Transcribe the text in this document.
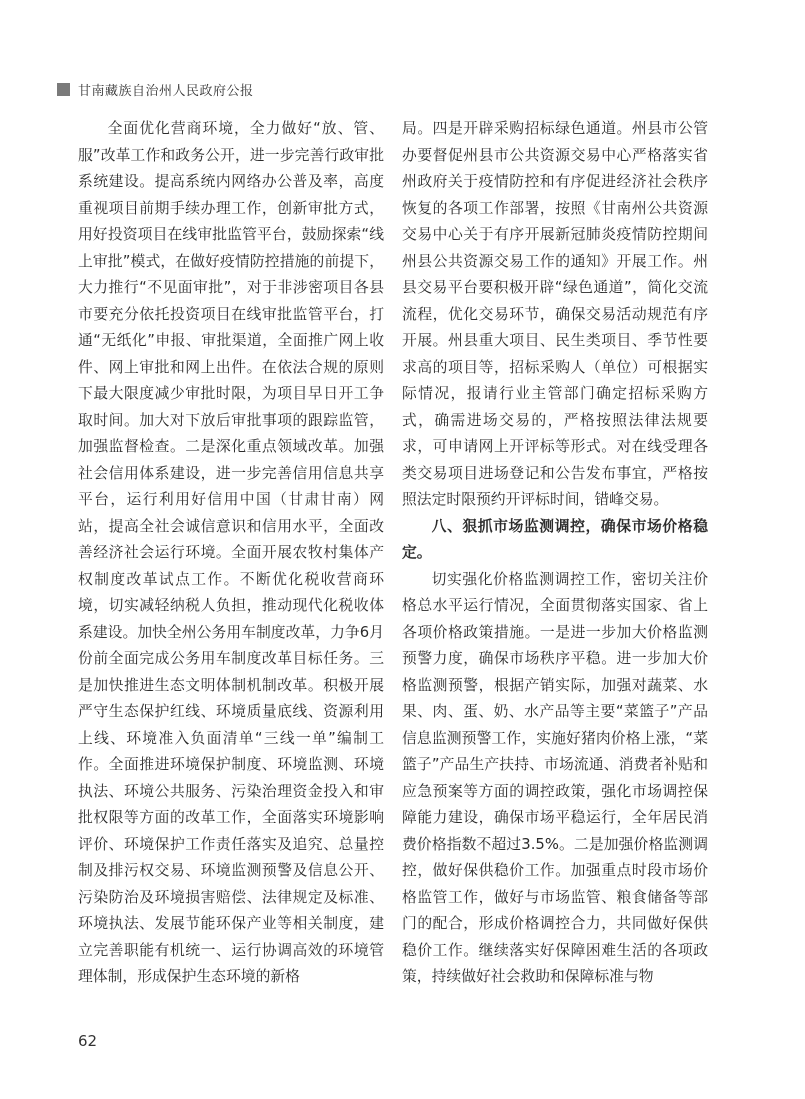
甘南藏族自治州人民政府公报

全面优化营商环境，全力做好“放、管、服”改革工作和政务公开，进一步完善行政审批系统建设。提高系统内网络办公普及率，高度重视项目前期手续办理工作，创新审批方式，用好投资项目在线审批监管平台，鼓励探索“线上审批”模式，在做好疫情防控措施的前提下，大力推行“不见面审批”，对于非涉密项目各县市要充分依托投资项目在线审批监管平台，打通“无纸化”申报、审批渠道，全面推广网上收件、网上审批和网上出件。在依法合规的原则下最大限度减少审批时限，为项目早日开工争取时间。加大对下放后审批事项的跟踪监管，加强监督检查。二是深化重点领域改革。加强社会信用体系建设，进一步完善信用信息共享平台，运行利用好信用中国（甘肃甘南）网站，提高全社会诚信意识和信用水平，全面改善经济社会运行环境。全面开展农牧村集体产权制度改革试点工作。不断优化税收营商环境，切实减轻纳税人负担，推动现代化税收体系建设。加快全州公务用车制度改革，力争6月份前全面完成公务用车制度改革目标任务。三是加快推进生态文明体制机制改革。积极开展严守生态保护红线、环境质量底线、资源利用上线、环境准入负面清单“三线一单”编制工作。全面推进环境保护制度、环境监测、环境执法、环境公共服务、污染治理资金投入和审批权限等方面的改革工作，全面落实环境影响评价、环境保护工作责任落实及追究、总量控制及排污权交易、环境监测预警及信息公开、污染防治及环境损害赔偿、法律规定及标准、环境执法、发展节能环保产业等相关制度，建立完善职能有机统一、运行协调高效的环境管理体制，形成保护生态环境的新格

局。四是开辟采购招标绿色通道。州县市公管办要督促州县市公共资源交易中心严格落实省州政府关于疫情防控和有序促进经济社会秩序恢复的各项工作部署，按照《甘南州公共资源交易中心关于有序开展新冠肺炎疫情防控期间州县公共资源交易工作的通知》开展工作。州县交易平台要积极开辟“绿色通道”，简化交流流程，优化交易环节，确保交易活动规范有序开展。州县重大项目、民生类项目、季节性要求高的项目等，招标采购人（单位）可根据实际情况，报请行业主管部门确定招标采购方式，确需进场交易的，严格按照法律法规要求，可申请网上开评标等形式。对在线受理各类交易项目进场登记和公告发布事宜，严格按照法定时限预约开评标时间，错峰交易。

八、狠抓市场监测调控，确保市场价格稳定。

切实强化价格监测调控工作，密切关注价格总水平运行情况，全面贯彻落实国家、省上各项价格政策措施。一是进一步加大价格监测预警力度，确保市场秩序平稳。进一步加大价格监测预警，根据产销实际，加强对蔬菜、水果、肉、蛋、奶、水产品等主要“菜篮子”产品信息监测预警工作，实施好猪肉价格上涨，“菜篮子”产品生产扶持、市场流通、消费者补贴和应急预案等方面的调控政策，强化市场调控保障能力建设，确保市场平稳运行，全年居民消费价格指数不超过3.5%。二是加强价格监测调控，做好保供稳价工作。加强重点时段市场价格监管工作，做好与市场监管、粮食储备等部门的配合，形成价格调控合力，共同做好保供稳价工作。继续落实好保障困难生活的各项政策，持续做好社会救助和保障标准与物

62
